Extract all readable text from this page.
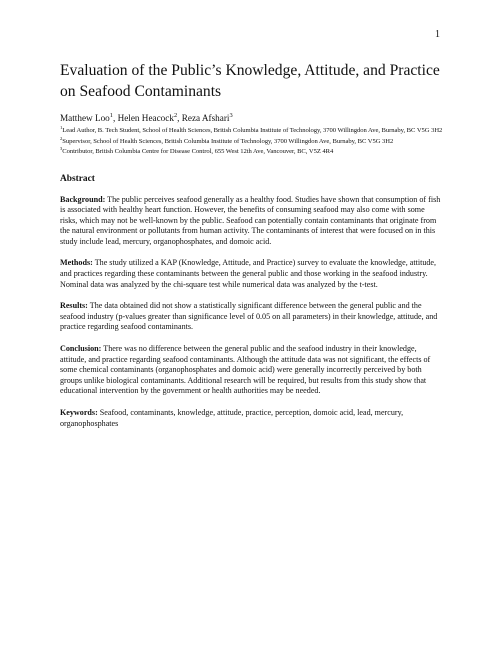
1
Evaluation of the Public’s Knowledge, Attitude, and Practice on Seafood Contaminants
Matthew Loo$^1$, Helen Heacock$^2$, Reza Afshari$^3$

$^1$Lead Author, B. Tech Student, School of Health Sciences, British Columbia Institute of Technology, 3700 Willingdon Ave, Burnaby, BC V5G 3H2

$^2$Supervisor, School of Health Sciences, British Columbia Institute of Technology, 3700 Willingdon Ave, Burnaby, BC V5G 3H2

$^3$Contributor, British Columbia Centre for Disease Control, 655 West 12th Ave, Vancouver, BC, V5Z 4R4

Abstract

Background: The public perceives seafood generally as a healthy food. Studies have shown that consumption of fish is associated with healthy heart function. However, the benefits of consuming seafood may also come with some risks, which may not be well-known by the public. Seafood can potentially contain contaminants that originate from the natural environment or pollutants from human activity. The contaminants of interest that were focused on in this study include lead, mercury, organophosphates, and domoic acid.

Methods: The study utilized a KAP (Knowledge, Attitude, and Practice) survey to evaluate the knowledge, attitude, and practices regarding these contaminants between the general public and those working in the seafood industry. Nominal data was analyzed by the chi-square test while numerical data was analyzed by the t-test.

Results: The data obtained did not show a statistically significant difference between the general public and the seafood industry (p-values greater than significance level of 0.05 on all parameters) in their knowledge, attitude, and practice regarding seafood contaminants.

Conclusion: There was no difference between the general public and the seafood industry in their knowledge, attitude, and practice regarding seafood contaminants. Although the attitude data was not significant, the effects of some chemical contaminants (organophosphates and domoic acid) were generally incorrectly perceived by both groups unlike biological contaminants. Additional research will be required, but results from this study show that educational intervention by the government or health authorities may be needed.

Keywords: Seafood, contaminants, knowledge, attitude, practice, perception, domoic acid, lead, mercury, organophosphates
